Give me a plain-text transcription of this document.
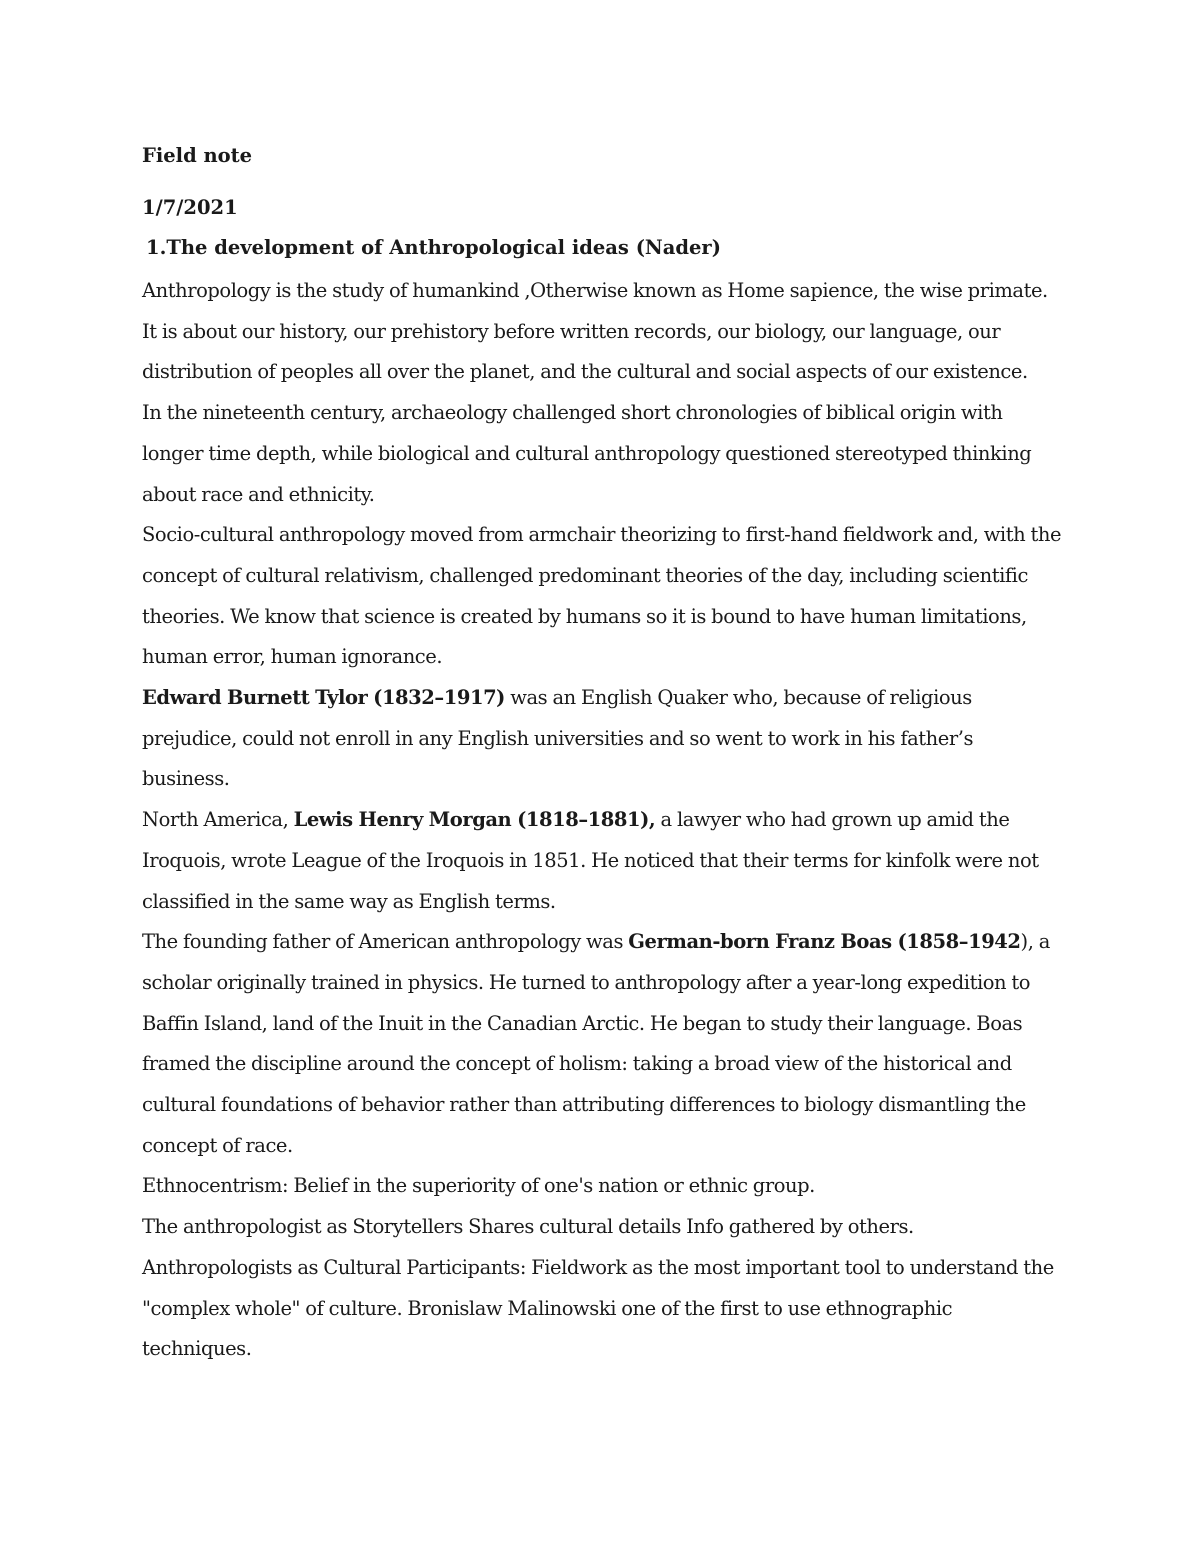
Field note
1/7/2021
1.The development of Anthropological ideas (Nader)

Anthropology is the study of humankind ,Otherwise known as Home sapience, the wise primate. It is about our history, our prehistory before written records, our biology, our language, our distribution of peoples all over the planet, and the cultural and social aspects of our existence.

In the nineteenth century, archaeology challenged short chronologies of biblical origin with longer time depth, while biological and cultural anthropology questioned stereotyped thinking about race and ethnicity.

Socio-cultural anthropology moved from armchair theorizing to first-hand fieldwork and, with the concept of cultural relativism, challenged predominant theories of the day, including scientific theories. We know that science is created by humans so it is bound to have human limitations, human error, human ignorance.

Edward Burnett Tylor (1832–1917) was an English Quaker who, because of religious prejudice, could not enroll in any English universities and so went to work in his father’s business.

North America, Lewis Henry Morgan (1818–1881), a lawyer who had grown up amid the Iroquois, wrote League of the Iroquois in 1851. He noticed that their terms for kinfolk were not classified in the same way as English terms.

The founding father of American anthropology was German-born Franz Boas (1858–1942), a scholar originally trained in physics. He turned to anthropology after a year-long expedition to Baffin Island, land of the Inuit in the Canadian Arctic. He began to study their language. Boas framed the discipline around the concept of holism: taking a broad view of the historical and cultural foundations of behavior rather than attributing differences to biology dismantling the concept of race.

Ethnocentrism: Belief in the superiority of one's nation or ethnic group.

The anthropologist as Storytellers Shares cultural details Info gathered by others.

Anthropologists as Cultural Participants: Fieldwork as the most important tool to understand the "complex whole" of culture. Bronislaw Malinowski one of the first to use ethnographic techniques.
